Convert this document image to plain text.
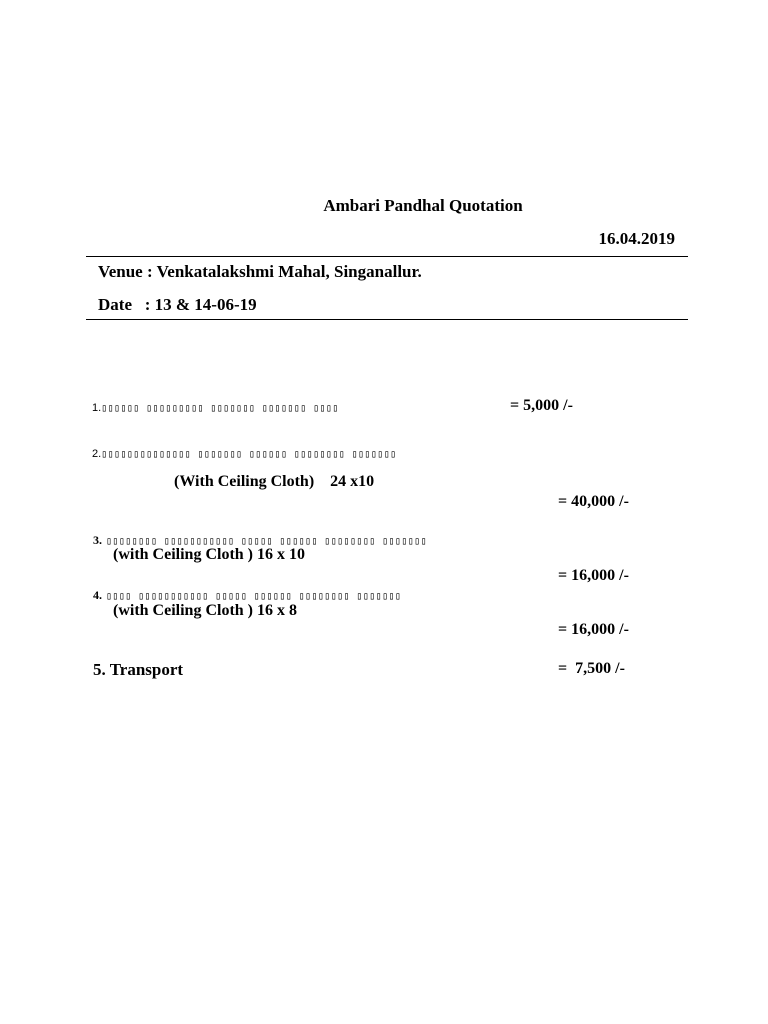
Ambari Pandhal Quotation
16.04.2019
Venue : Venkatalakshmi Mahal, Singanallur.
Date   : 13 & 14-06-19
1.▯▯▯▯▯▯ ▯▯▯▯▯▯▯▯▯ ▯▯▯▯▯▯▯ ▯▯▯▯▯▯▯ ▯▯▯▯	= 5,000 /-
2.▯▯▯▯▯▯▯▯▯▯▯▯▯▯ ▯▯▯▯▯▯▯ ▯▯▯▯▯▯ ▯▯▯▯▯▯▯▯ ▯▯▯▯▯▯▯
(With Ceiling Cloth)    24 x10
= 40,000 /-
3. ▯▯▯▯▯▯▯▯ ▯▯▯▯▯▯▯▯▯▯▯ ▯▯▯▯▯ ▯▯▯▯▯▯ ▯▯▯▯▯▯▯▯ ▯▯▯▯▯▯▯
(with Ceiling Cloth ) 16 x 10
= 16,000 /-
4. ▯▯▯▯ ▯▯▯▯▯▯▯▯▯▯▯ ▯▯▯▯▯ ▯▯▯▯▯▯ ▯▯▯▯▯▯▯▯ ▯▯▯▯▯▯▯
(with Ceiling Cloth ) 16 x 8
= 16,000 /-
5. Transport	=  7,500 /-
